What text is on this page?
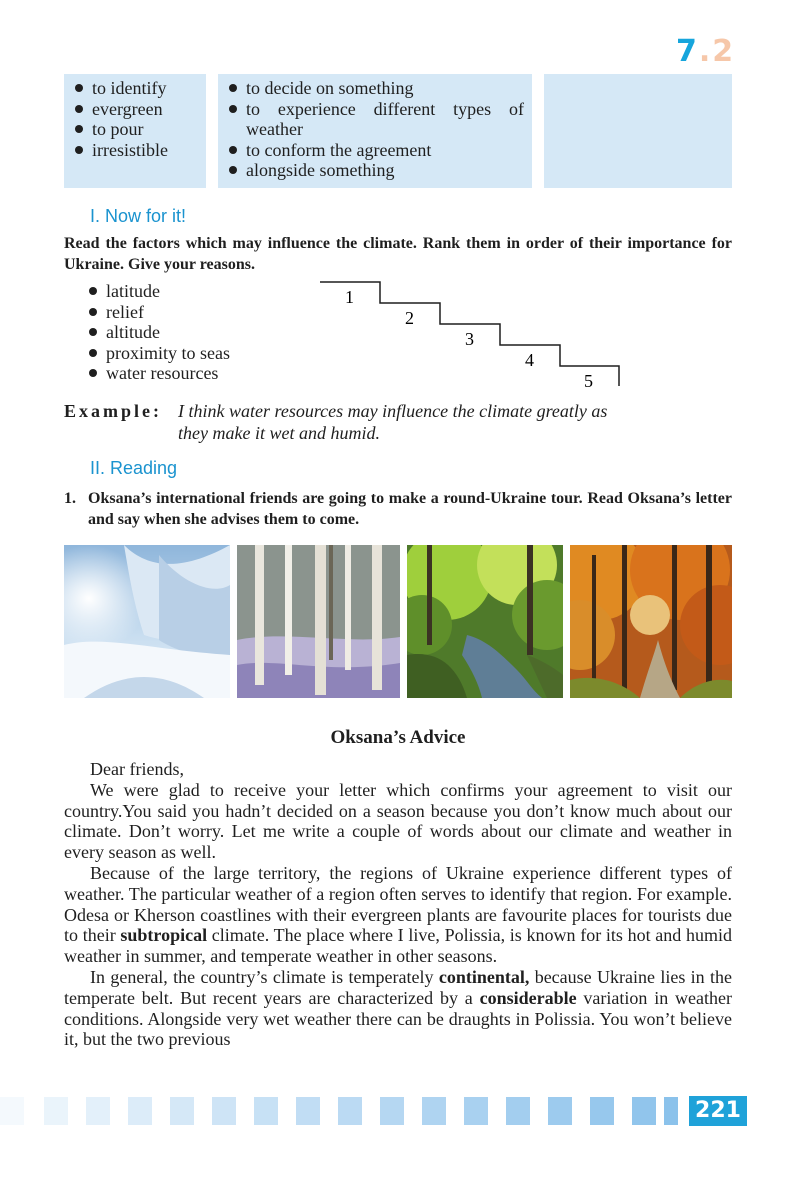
7.2
to identify
evergreen
to pour
irresistible
to decide on something
to experience different types of weather
to conform the agreement
alongside something
I. Now for it!
Read the factors which may influence the climate. Rank them in order of their importance for Ukraine. Give your reasons.
latitude
relief
altitude
proximity to seas
water resources
1
2
3
4
5
Example: I think water resources may influence the climate greatly as
they make it wet and humid.
II. Reading
1. Oksana’s international friends are going to make a round-Ukraine tour. Read Oksana’s letter and say when she advises them to come.
Oksana’s Advice

Dear friends,

We were glad to receive your letter which confirms your agreement to visit our country.You said you hadn’t decided on a season because you don’t know much about our climate. Don’t worry. Let me write a couple of words about our climate and weather in every season as well.

Because of the large territory, the regions of Ukraine experience different types of weather. The particular weather of a region often serves to identify that region. For example. Odesa or Kherson coastlines with their evergreen plants are favourite places for tourists due to their subtropical climate. The place where I live, Polissia, is known for its hot and humid weather in summer, and temperate weather in other seasons.

In general, the country’s climate is temperately continental, because Ukraine lies in the temperate belt. But recent years are characterized by a considerable variation in weather conditions. Alongside very wet weather there can be draughts in Polissia. You won’t believe it, but the two previous

221
